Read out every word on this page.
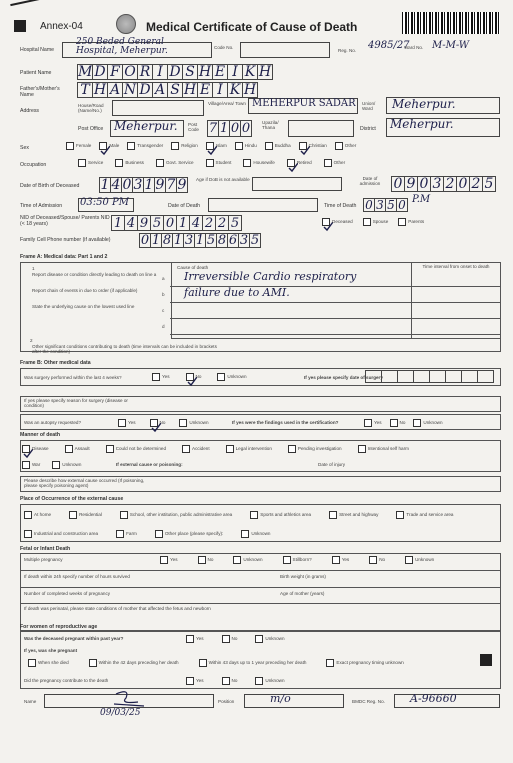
Annex-04	Medical Certificate of Cause of Death
Hospital Name
250 Beded General Hospital, Meherpur.	Code No.
Reg. No. 4985/27
Ward No. M-M-W
Patient Name M D F O R I D S H E I K H
Father's/Mother's Name	T H A N D A S H E I K H
Address
House/Road (Name/No.)
Village/Area/ Town MEHERPUR SADAR Union/ Ward	Meherpur.
Post Office Meherpur. Post Code 7 1 0 0	Upazila/ Thana	District Meherpur.
Sex	Female	Male	Transgender	Religion	Islam	Hindu	Buddha	Christian	Other
Occupation	Service	Business	Govt. Service	Student	Housewife	Retired	Other
Date of Birth of Deceased 1 4 0 3 1 9 7 9	Age if DoB is not available	Date of admission 0 9 0 3 2 0 2 5
Time of Admission 03:50 PM	Date of Death	Time of Death 0 3 5 0 P.M
NID of Deceased/Spouse/ Parents NID (< 18 years)	1 4 9 5 0 1 4 2 2 5	Deceased	Spouse	Parents
Family Cell Phone number (if available) 0 1 8 1 3 1 5 8 6 3 5
Frame A: Medical data: Part 1 and 2
Cause of death	Time interval from onset to death
1
Report disease or condition directly leading to death on line a
a Irreversible Cardio respiratory
Report chain of events in due to order (if applicable)
b failure due to AMI.
State the underlying cause on the lowest used line
c
d
2
Other significant conditions contributing to death (time intervals can be included in brackets after the condition)
Frame B: Other medical data
Was surgery performed within the last 4 weeks?	Yes	No	Unknown	If yes please specify date of surgery
If yes please specify reason for surgery (disease or condition)
Was an autopsy requested?	Yes	No	Unknown	If yes were the findings used in the certification?	Yes	No	Unknown
Manner of death
Disease	Assault	Could not be determined	Accident	Legal intervention	Pending investigation	Intentional self harm
War	Unknown	If external cause or poisoning:	Date of injury
Please describe how external cause occurred (If poisoning, please specify poisoning agent)
Place of Occurrence of the external cause
At home	Residential	School, other institution, public administrative area	Sports and athletics area	Street and highway	Trade and service area
Industrial and construction area	Farm	Other place (please specify):	Unknown
Fetal or Infant Death
Multiple pregnancy	Yes	No	Unknown	Stillborn?	Yes	No	Unknown
If death within 24h specify number of hours survived	Birth weight (in grams)
Number of completed weeks of pregnancy	Age of mother (years)
If death was perinatal, please state conditions of mother that affected the fetus and newborn
For women of reproductive age
Was the deceased pregnant within past year?	Yes	No	Unknown
If yes, was she pregnant
When she died	Within the 42 days preceding her death	Within 43 days up to 1 year preceding her death	Exact pregnancy timing unknown
Did the pregnancy contribute to the death	Yes	No	Unknown
Name
09/03/25
Position	m/o	BMDC Reg. No. A-96660
